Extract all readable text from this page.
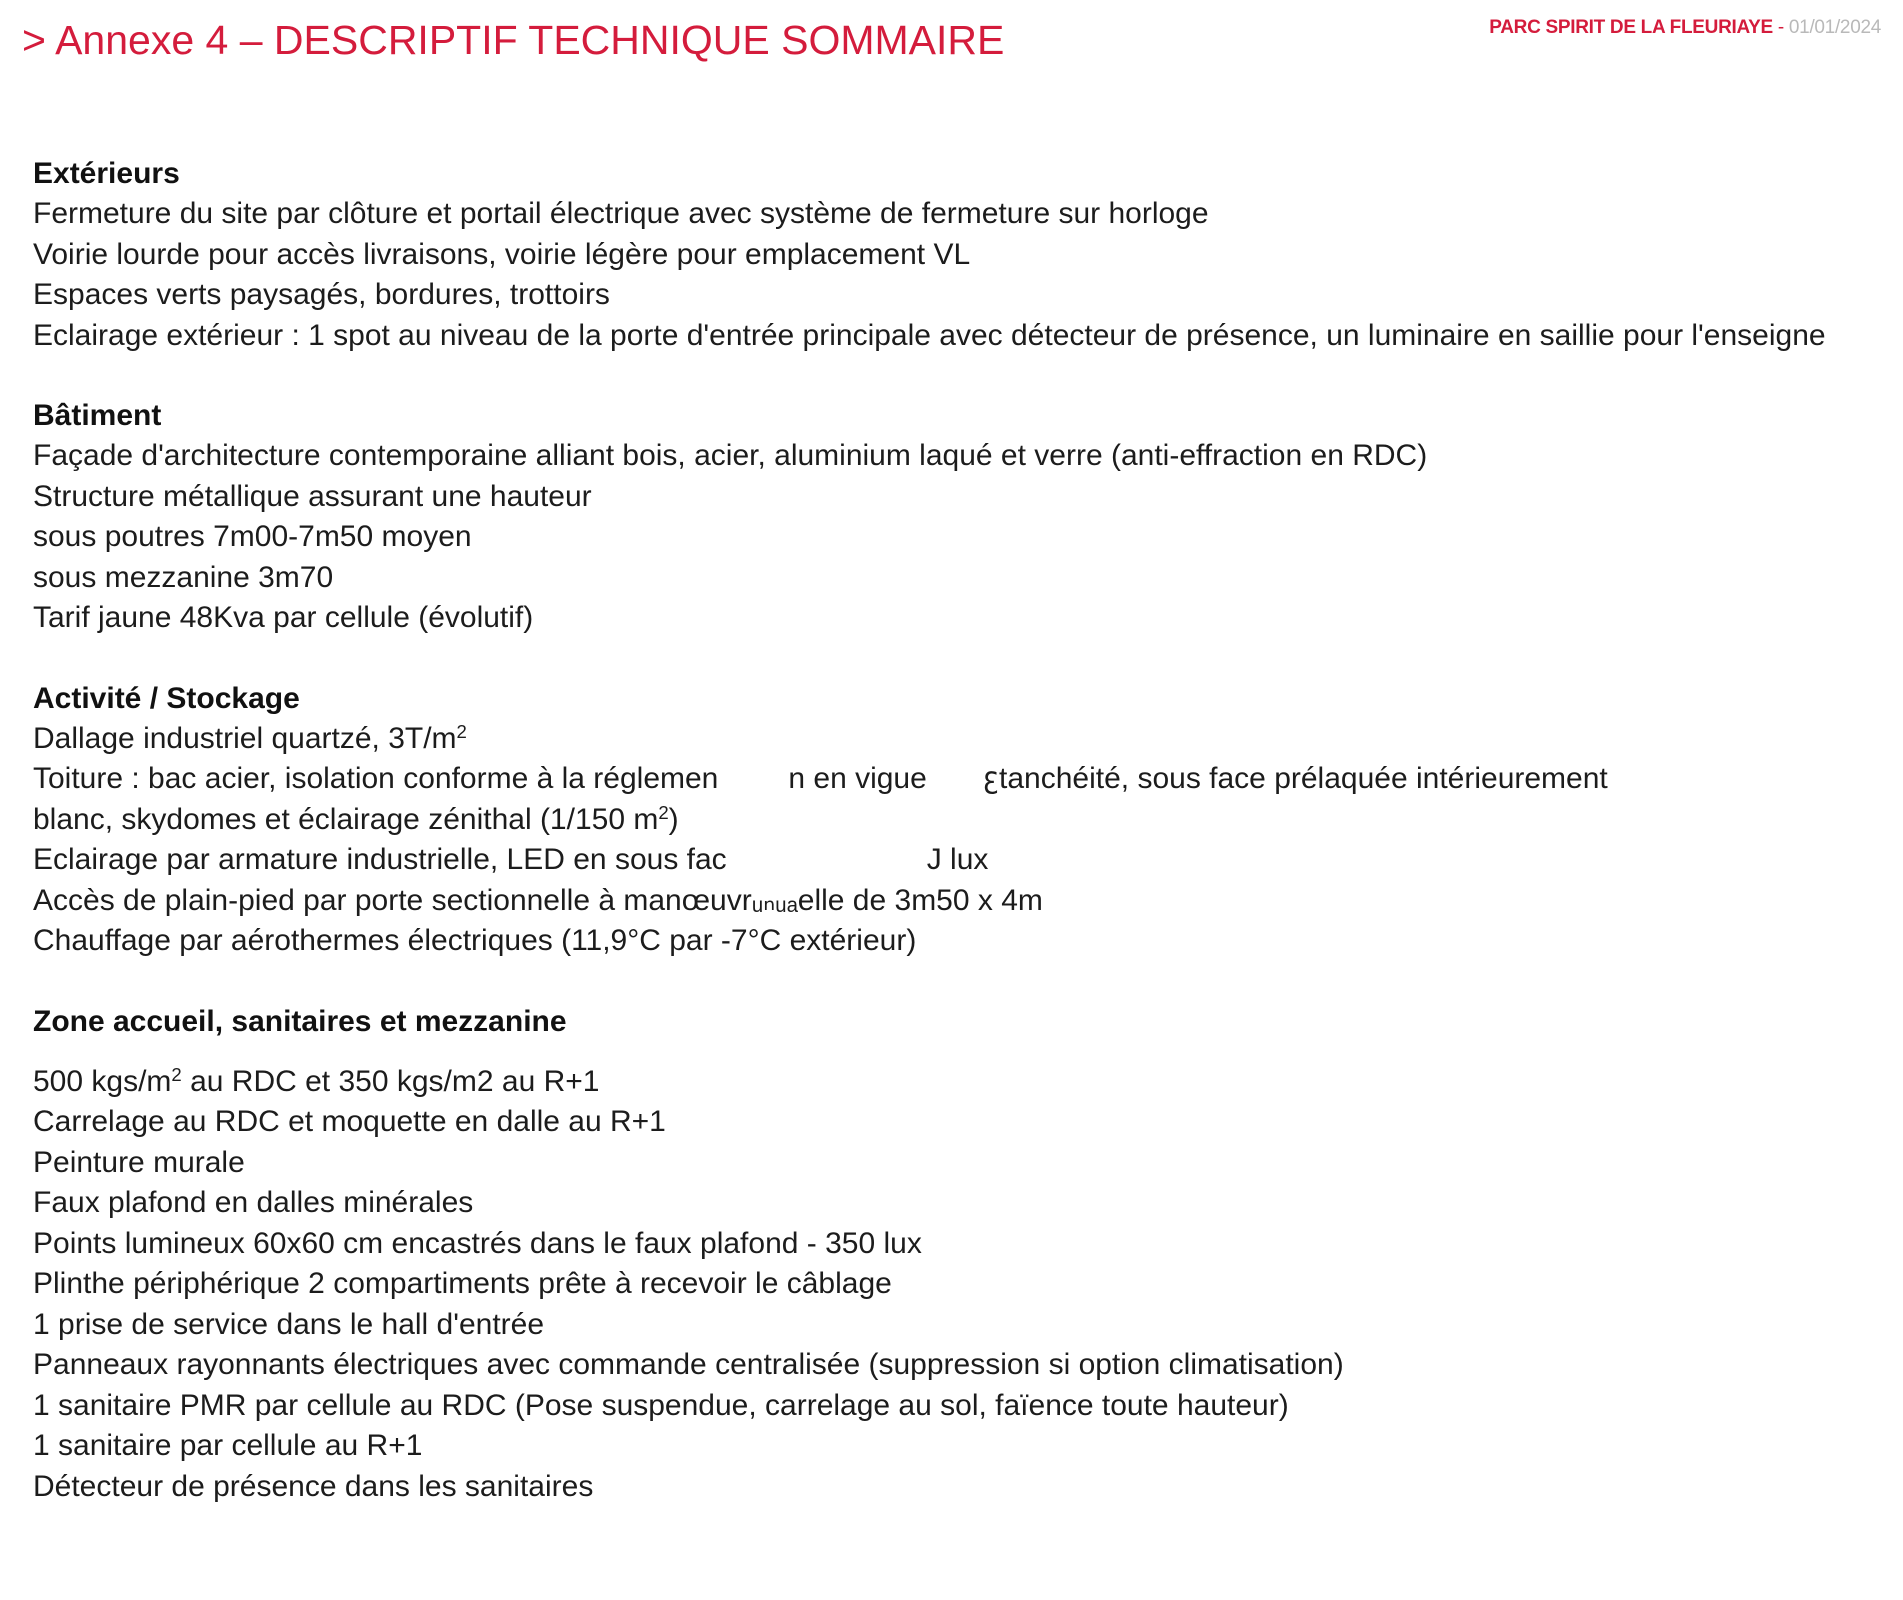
> Annexe 4 – DESCRIPTIF TECHNIQUE SOMMAIRE	PARC SPIRIT DE LA FLEURIAYE - 01/01/2024
Extérieurs
Fermeture du site par clôture et portail électrique avec système de fermeture sur horloge
Voirie lourde pour accès livraisons, voirie légère pour emplacement VL
Espaces verts paysagés, bordures, trottoirs
Eclairage extérieur : 1 spot au niveau de la porte d'entrée principale avec détecteur de présence, un luminaire en saillie pour l'enseigne
Bâtiment
Façade d'architecture contemporaine alliant bois, acier, aluminium laqué et verre (anti-effraction en RDC)
Structure métallique assurant une hauteur
sous poutres 7m00-7m50 moyen
sous mezzanine 3m70
Tarif jaune 48Kva par cellule (évolutif)
Activité / Stockage
Dallage industriel quartzé, $3T/m^2$
Toiture : bac acier, isolation conforme à la réglemen n en vigue ꜫtanchéité, sous face prélaquée intérieurement
blanc, skydomes et éclairage zénithal (1/150 $m^2$)
Eclairage par armature industrielle, LED en sous fac	J lux
Accès de plain-pied par porte sectionnelle à manœuvrᵤₙᵤₐelle de 3m50 x 4m
Chauffage par aérothermes électriques (11,9°C par -7°C extérieur)
Zone accueil, sanitaires et mezzanine
500 kgs/$m^2$ au RDC et 350 kgs/m2 au R+1
Carrelage au RDC et moquette en dalle au R+1
Peinture murale
Faux plafond en dalles minérales
Points lumineux 60x60 cm encastrés dans le faux plafond - 350 lux
Plinthe périphérique 2 compartiments prête à recevoir le câblage
1 prise de service dans le hall d'entrée
Panneaux rayonnants électriques avec commande centralisée (suppression si option climatisation)
1 sanitaire PMR par cellule au RDC (Pose suspendue, carrelage au sol, faïence toute hauteur)
1 sanitaire par cellule au R+1
Détecteur de présence dans les sanitaires
